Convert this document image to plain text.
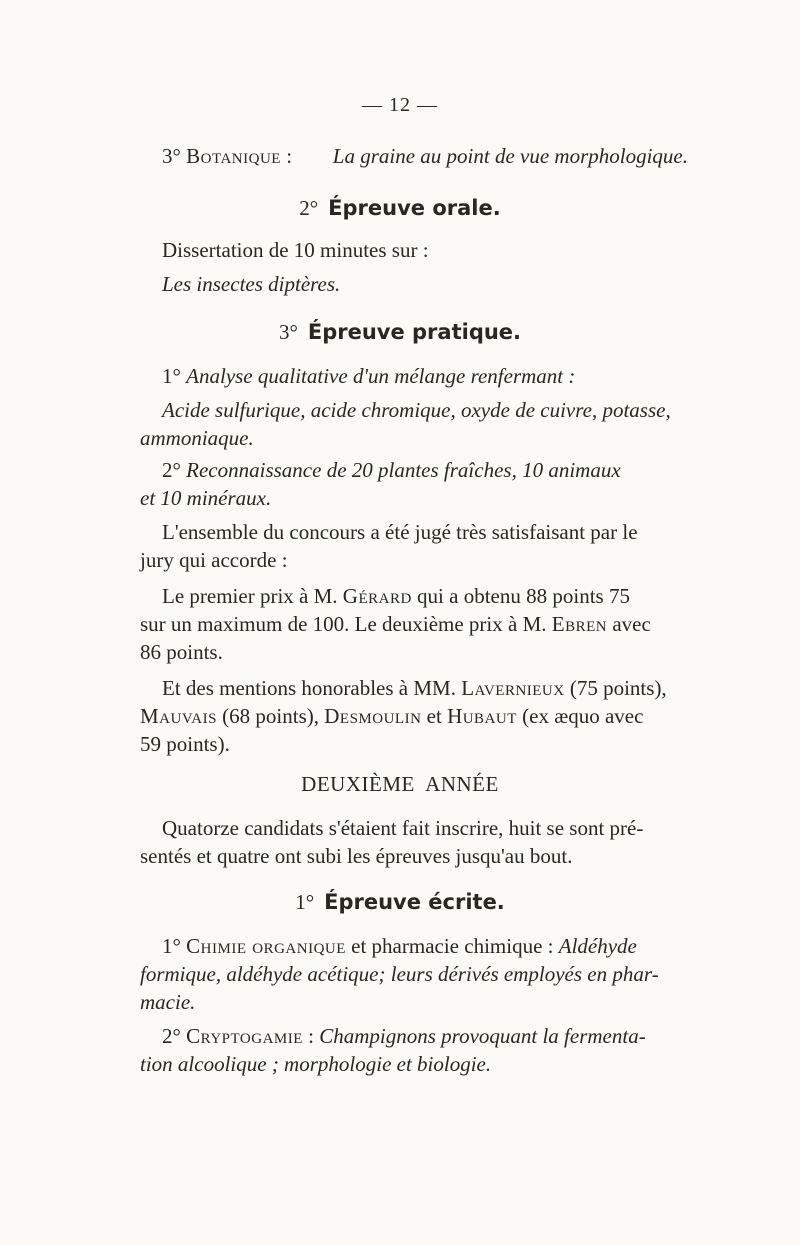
— 12 —
3° Botanique : La graine au point de vue morphologique.
2° Épreuve orale.
Dissertation de 10 minutes sur :
Les insectes diptères.
3° Épreuve pratique.
1° Analyse qualitative d'un mélange renfermant :
Acide sulfurique, acide chromique, oxyde de cuivre, potasse,
ammoniaque.
2° Reconnaissance de 20 plantes fraîches, 10 animaux
et 10 minéraux.
L'ensemble du concours a été jugé très satisfaisant par le
jury qui accorde :
Le premier prix à M. Gérard qui a obtenu 88 points 75
sur un maximum de 100. Le deuxième prix à M. Ebren avec
86 points.
Et des mentions honorables à MM. Lavernieux (75 points),
Mauvais (68 points), Desmoulin et Hubaut (ex æquo avec
59 points).
DEUXIÈME  ANNÉE
Quatorze candidats s'étaient fait inscrire, huit se sont pré-
sentés et quatre ont subi les épreuves jusqu'au bout.
1° Épreuve écrite.
1° Chimie organique et pharmacie chimique : Aldéhyde
formique, aldéhyde acétique; leurs dérivés employés en phar-
macie.
2° Cryptogamie : Champignons provoquant la fermenta-
tion alcoolique ; morphologie et biologie.
